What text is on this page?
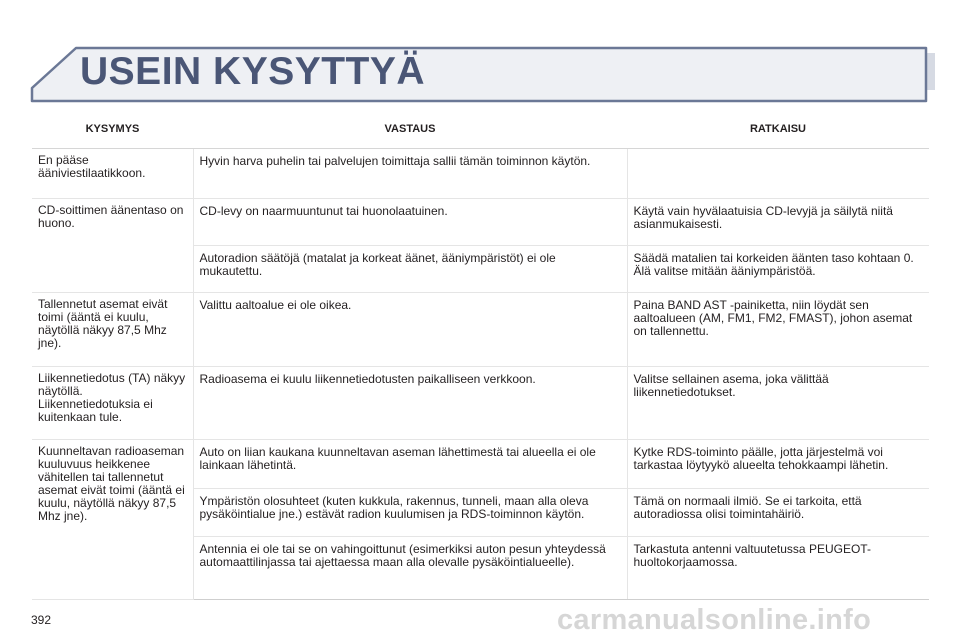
USEIN KYSYTTYÄ
KYSYMYS	VASTAUS	RATKAISU
En pääse ääniviestilaatikkoon.	Hyvin harva puhelin tai palvelujen toimittaja sallii tämän toiminnon käytön.	
CD-soittimen äänentaso on huono.	CD-levy on naarmuuntunut tai huonolaatuinen.	Käytä vain hyvälaatuisia CD-levyjä ja säilytä niitä asianmukaisesti.
	Autoradion säätöjä (matalat ja korkeat äänet, ääniympäristöt) ei ole mukautettu.	Säädä matalien tai korkeiden äänten taso kohtaan 0. Älä valitse mitään ääniympäristöä.
Tallennetut asemat eivät toimi (ääntä ei kuulu, näytöllä näkyy 87,5 Mhz jne).	Valittu aaltoalue ei ole oikea.	Paina BAND AST -painiketta, niin löydät sen aaltoalueen (AM, FM1, FM2, FMAST), johon asemat on tallennettu.
Liikennetiedotus (TA) näkyy näytöllä. Liikennetiedotuksia ei kuitenkaan tule.	Radioasema ei kuulu liikennetiedotusten paikalliseen verkkoon.	Valitse sellainen asema, joka välittää liikennetiedotukset.
Kuunneltavan radioaseman kuuluvuus heikkenee vähitellen tai tallennetut asemat eivät toimi (ääntä ei kuulu, näytöllä näkyy 87,5 Mhz jne).	Auto on liian kaukana kuunneltavan aseman lähettimestä tai alueella ei ole lainkaan lähetintä.	Kytke RDS-toiminto päälle, jotta järjestelmä voi tarkastaa löytyykö alueelta tehokkaampi lähetin.
	Ympäristön olosuhteet (kuten kukkula, rakennus, tunneli, maan alla oleva pysäköintialue jne.) estävät radion kuulumisen ja RDS-toiminnon käytön.	Tämä on normaali ilmiö. Se ei tarkoita, että autoradiossa olisi toimintahäiriö.
	Antennia ei ole tai se on vahingoittunut (esimerkiksi auton pesun yhteydessä automaattilinjassa tai ajettaessa maan alla olevalle pysäköintialueelle).	Tarkastuta antenni valtuutetussa PEUGEOT-huoltokorjaamossa.
392	carmanualsonline.info
